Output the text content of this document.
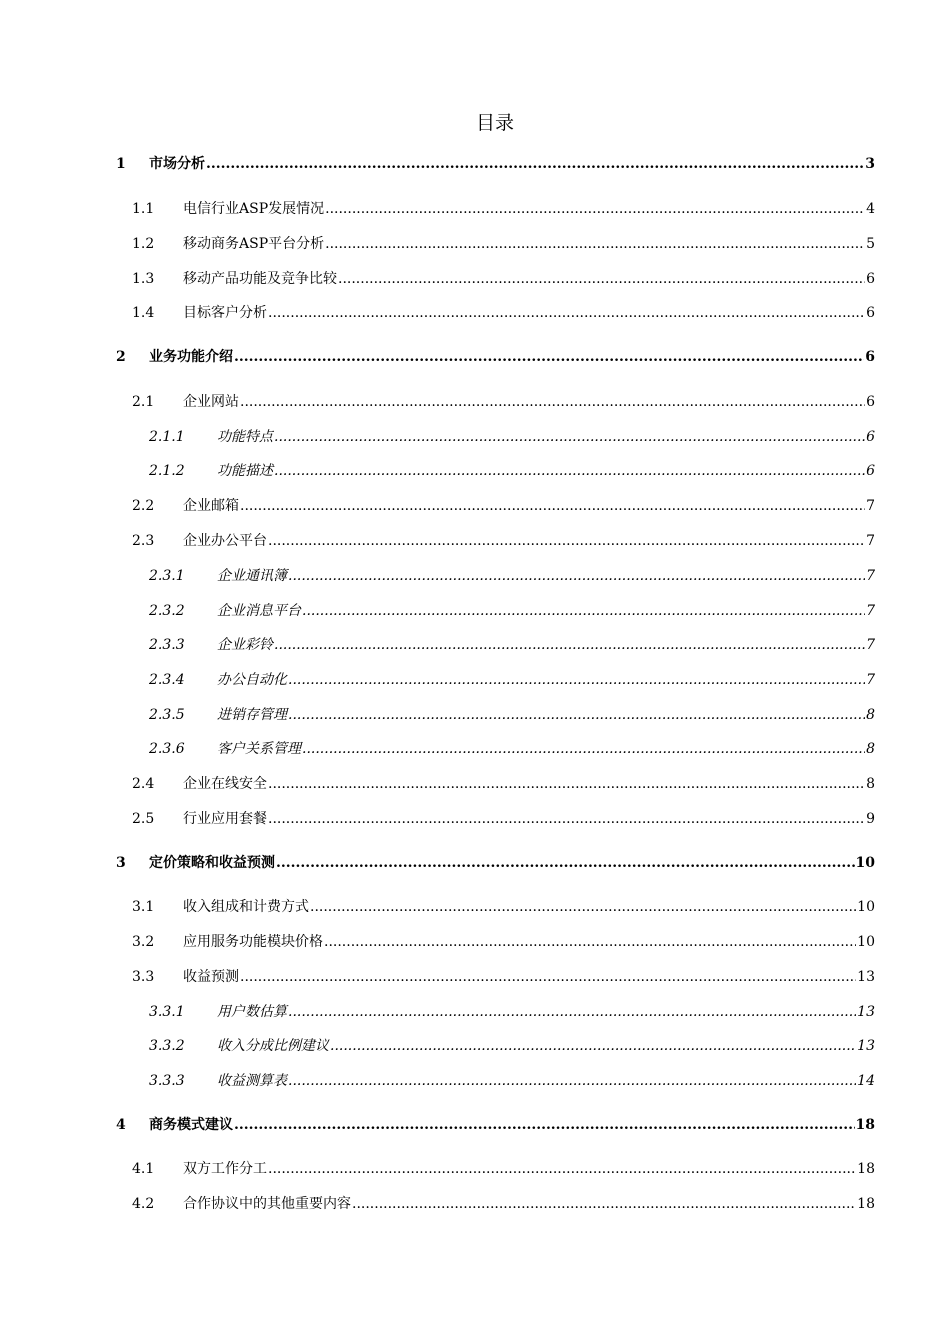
目录
1	市场分析 .....	3
1.1	电信行业ASP发展情况 .....	4
1.2	移动商务ASP平台分析 .....	5
1.3	移动产品功能及竞争比较 .....	6
1.4	目标客户分析 .....	6
2	业务功能介绍 .....	6
2.1	企业网站 .....	6
2.1.1	功能特点 .....	6
2.1.2	功能描述 .....	6
2.2	企业邮箱 .....	7
2.3	企业办公平台 .....	7
2.3.1	企业通讯簿 .....	7
2.3.2	企业消息平台 .....	7
2.3.3	企业彩铃 .....	7
2.3.4	办公自动化 .....	7
2.3.5	进销存管理 .....	8
2.3.6	客户关系管理 .....	8
2.4	企业在线安全 .....	8
2.5	行业应用套餐 .....	9
3	定价策略和收益预测 .....	10
3.1	收入组成和计费方式 .....	10
3.2	应用服务功能模块价格 .....	10
3.3	收益预测 .....	13
3.3.1	用户数估算 .....	13
3.3.2	收入分成比例建议 .....	13
3.3.3	收益测算表 .....	14
4	商务模式建议 .....	18
4.1	双方工作分工 .....	18
4.2	合作协议中的其他重要内容 .....	18
